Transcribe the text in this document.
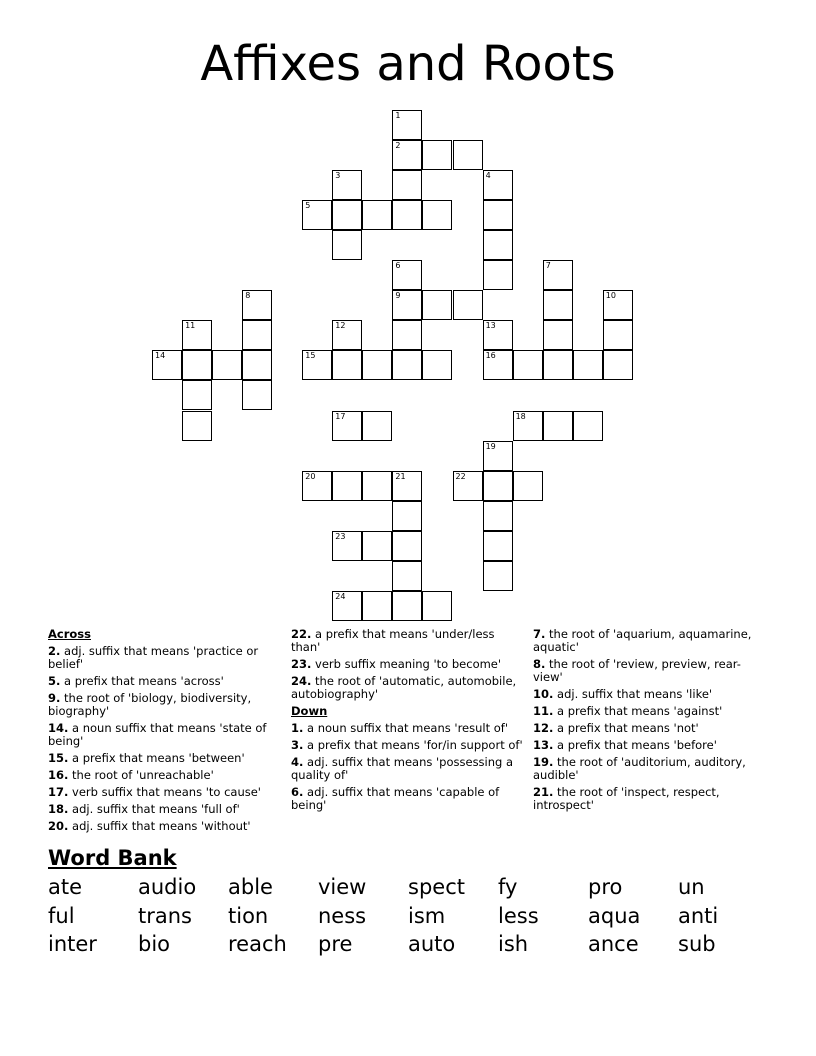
Affixes and Roots
1
2
3	4
5
6
9
7
8	10
11	12	13
16
14	15
17	18
19
20	21	22
23
24
Across
2. adj. suffix that means 'practice or belief'
5. a prefix that means 'across'
9. the root of 'biology, biodiversity, biography'
14. a noun suffix that means 'state of being'
15. a prefix that means 'between'
16. the root of 'unreachable'
17. verb suffix that means 'to cause'
18. adj. suffix that means 'full of'
20. adj. suffix that means 'without'
22. a prefix that means 'under/less than'
23. verb suffix meaning 'to become'
24. the root of 'automatic, automobile, autobiography'
Down
1. a noun suffix that means 'result of'
3. a prefix that means 'for/in support of'
4. adj. suffix that means 'possessing a quality of'
6. adj. suffix that means 'capable of being'
7. the root of 'aquarium, aquamarine, aquatic'
8. the root of 'review, preview, rear-view'
10. adj. suffix that means 'like'
11. a prefix that means 'against'
12. a prefix that means 'not'
13. a prefix that means 'before'
19. the root of 'auditorium, auditory, audible'
21. the root of 'inspect, respect, introspect'
Word Bank
ate	audio	able	view	spect	fy	pro	un
ful	trans	tion	ness	ism	less	aqua	anti
inter	bio	reach	pre	auto	ish	ance	sub
